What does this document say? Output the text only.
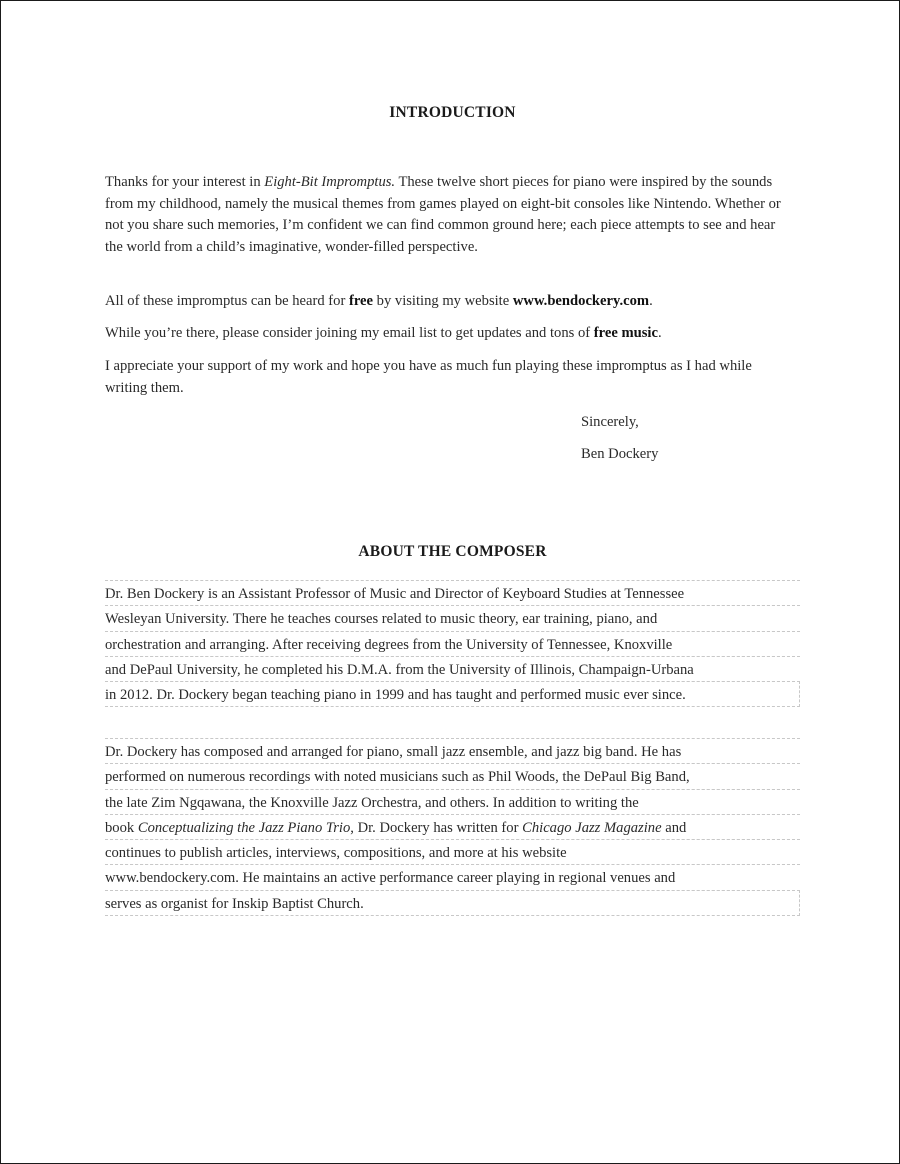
INTRODUCTION

Thanks for your interest in Eight-Bit Impromptus. These twelve short pieces for piano were inspired by the sounds from my childhood, namely the musical themes from games played on eight-bit consoles like Nintendo. Whether or not you share such memories, I’m confident we can find common ground here; each piece attempts to see and hear the world from a child’s imaginative, wonder-filled perspective.

All of these impromptus can be heard for free by visiting my website www.bendockery.com.

While you’re there, please consider joining my email list to get updates and tons of free music.

I appreciate your support of my work and hope you have as much fun playing these impromptus as I had while writing them.

Sincerely,

Ben Dockery

ABOUT THE COMPOSER
Dr. Ben Dockery is an Assistant Professor of Music and Director of Keyboard Studies at Tennessee
Wesleyan University. There he teaches courses related to music theory, ear training, piano, and
orchestration and arranging. After receiving degrees from the University of Tennessee, Knoxville
and DePaul University, he completed his D.M.A. from the University of Illinois, Champaign-Urbana
in 2012. Dr. Dockery began teaching piano in 1999 and has taught and performed music ever since.
Dr. Dockery has composed and arranged for piano, small jazz ensemble, and jazz big band. He has
performed on numerous recordings with noted musicians such as Phil Woods, the DePaul Big Band,
the late Zim Ngqawana, the Knoxville Jazz Orchestra, and others. In addition to writing the
book Conceptualizing the Jazz Piano Trio, Dr. Dockery has written for Chicago Jazz Magazine and
continues to publish articles, interviews, compositions, and more at his website
www.bendockery.com. He maintains an active performance career playing in regional venues and
serves as organist for Inskip Baptist Church.
